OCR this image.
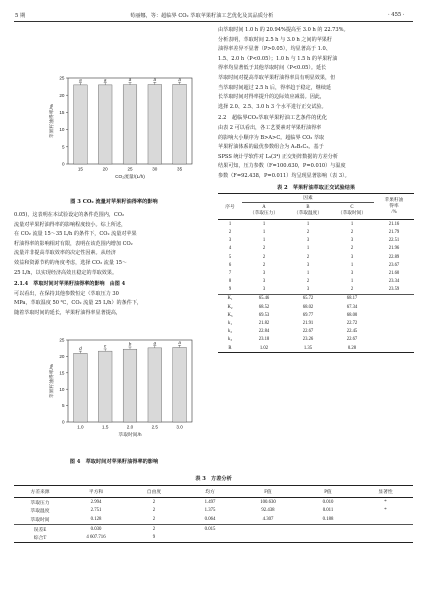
5 期	荀丽娜，等：超临界 CO₂ 萃取苹果籽油工艺优化及其品质分析	· 455 ·
0
5
10
15
20
25	a
15
a
20
a
25
a
30
a
35
CO₂流量/(L/h)
苹果籽油得率/%
图 3 CO₂ 流量对苹果籽油得率的影响
0.05)，这表明在本试验设定的条件范围内，CO₂
流量对苹果籽油得率的影响程度较小。综上所述，
在 CO₂ 流量 15～35 L/h 的条件下，CO₂ 流量对苹果
籽油得率的影响相对有限，表明在该范围内增加 CO₂
流量并非提高萃取效率的决定性因素。从经济
效益和资源节约的角度考虑，选择 CO₂ 流量 15～
25 L/h，以实现经济高效且稳定的萃取效果。
2.1.4　萃取时间对苹果籽油得率的影响　由图 4
可以看出，在保持其他参数恒定（萃取压力 30
MPa，萃取温度 50 ℃，CO₂ 流量 25 L/h）的条件下，
随着萃取时间的延长，苹果籽油得率显著提高，
0
5
10
15
20
25
d
1.0
c
1.5
b
2.0
a
2.5
a
3.0
萃取时间/h
苹果籽油得率/%
图 4　萃取时间对苹果籽油得率的影响
由萃取时间 1.0 h 的 20.94%提高至 3.0 h 的 22.73%。
分析表明，萃取时间 2.5 h 与 3.0 h 之间的苹果籽
油得率差异不显著（P>0.05），均显著高于 1.0、
1.5、2.0 h（P<0.05）；1.0 h 与 1.5 h 的苹果籽油
得率均显著低于其他萃取时间（P<0.05）。延长
萃取时间对提高萃取苹果籽油得率具有明显效果，但
当萃取时间超过 2.5 h 后，得率趋于稳定，继续延
长萃取时间对得率提升的边际效应减弱。因此，
选择 2.0、2.5、3.0 h 3 个水平进行正交试验。
2.2　超临界CO₂萃取苹果籽油工艺条件的优化
由表 2 可以看出，各工艺要素对苹果籽油得率
的影响大小顺序为 B>A>C。超临界 CO₂ 萃取
苹果籽油体系的最优参数组合为 A₂B₃C₂。基于
SPSS 统计学软件对 L₉(3⁴) 正交矩阵数据的方差分析
结果可知，压力参数（F=100.630，P=0.010）与温度
参数（F=92.438，P=0.011）均呈现显著影响（表 3）。
表 2　苹果籽油萃取正交试验结果
序号	因素			苹果籽油
得率
/%
	A
（萃取压力）	B
（萃取温度）	C
（萃取时间）	
1	1	1	1	21.16
2	1	2	2	21.79
3	1	3	3	22.51
4	2	1	2	21.96
5	2	2	3	22.89
6	2	3	1	23.67
7	3	1	3	21.60
8	3	2	1	23.34
9	3	3	2	23.59
K₁	65.46	65.72	68.17	
K₂	68.52	68.02	67.34	
K₃	69.53	69.77	68.00	
k₁	21.82	21.91	22.72	
k₂	22.84	22.67	22.45	
k₃	23.18	23.26	22.67	
R	1.02	1.35	0.28	
表 3　方差分析
方差来源	平方和	自由度	均方	F值	P值	显著性
萃取压力	2.994	2	1.497	100.630	0.010	*
萃取温度	2.751	2	1.375	92.438	0.011	*
萃取时间	0.128	2	0.064	4.307	0.188	
误差E	0.030	2	0.015			
综合T	4 607.716	9				
